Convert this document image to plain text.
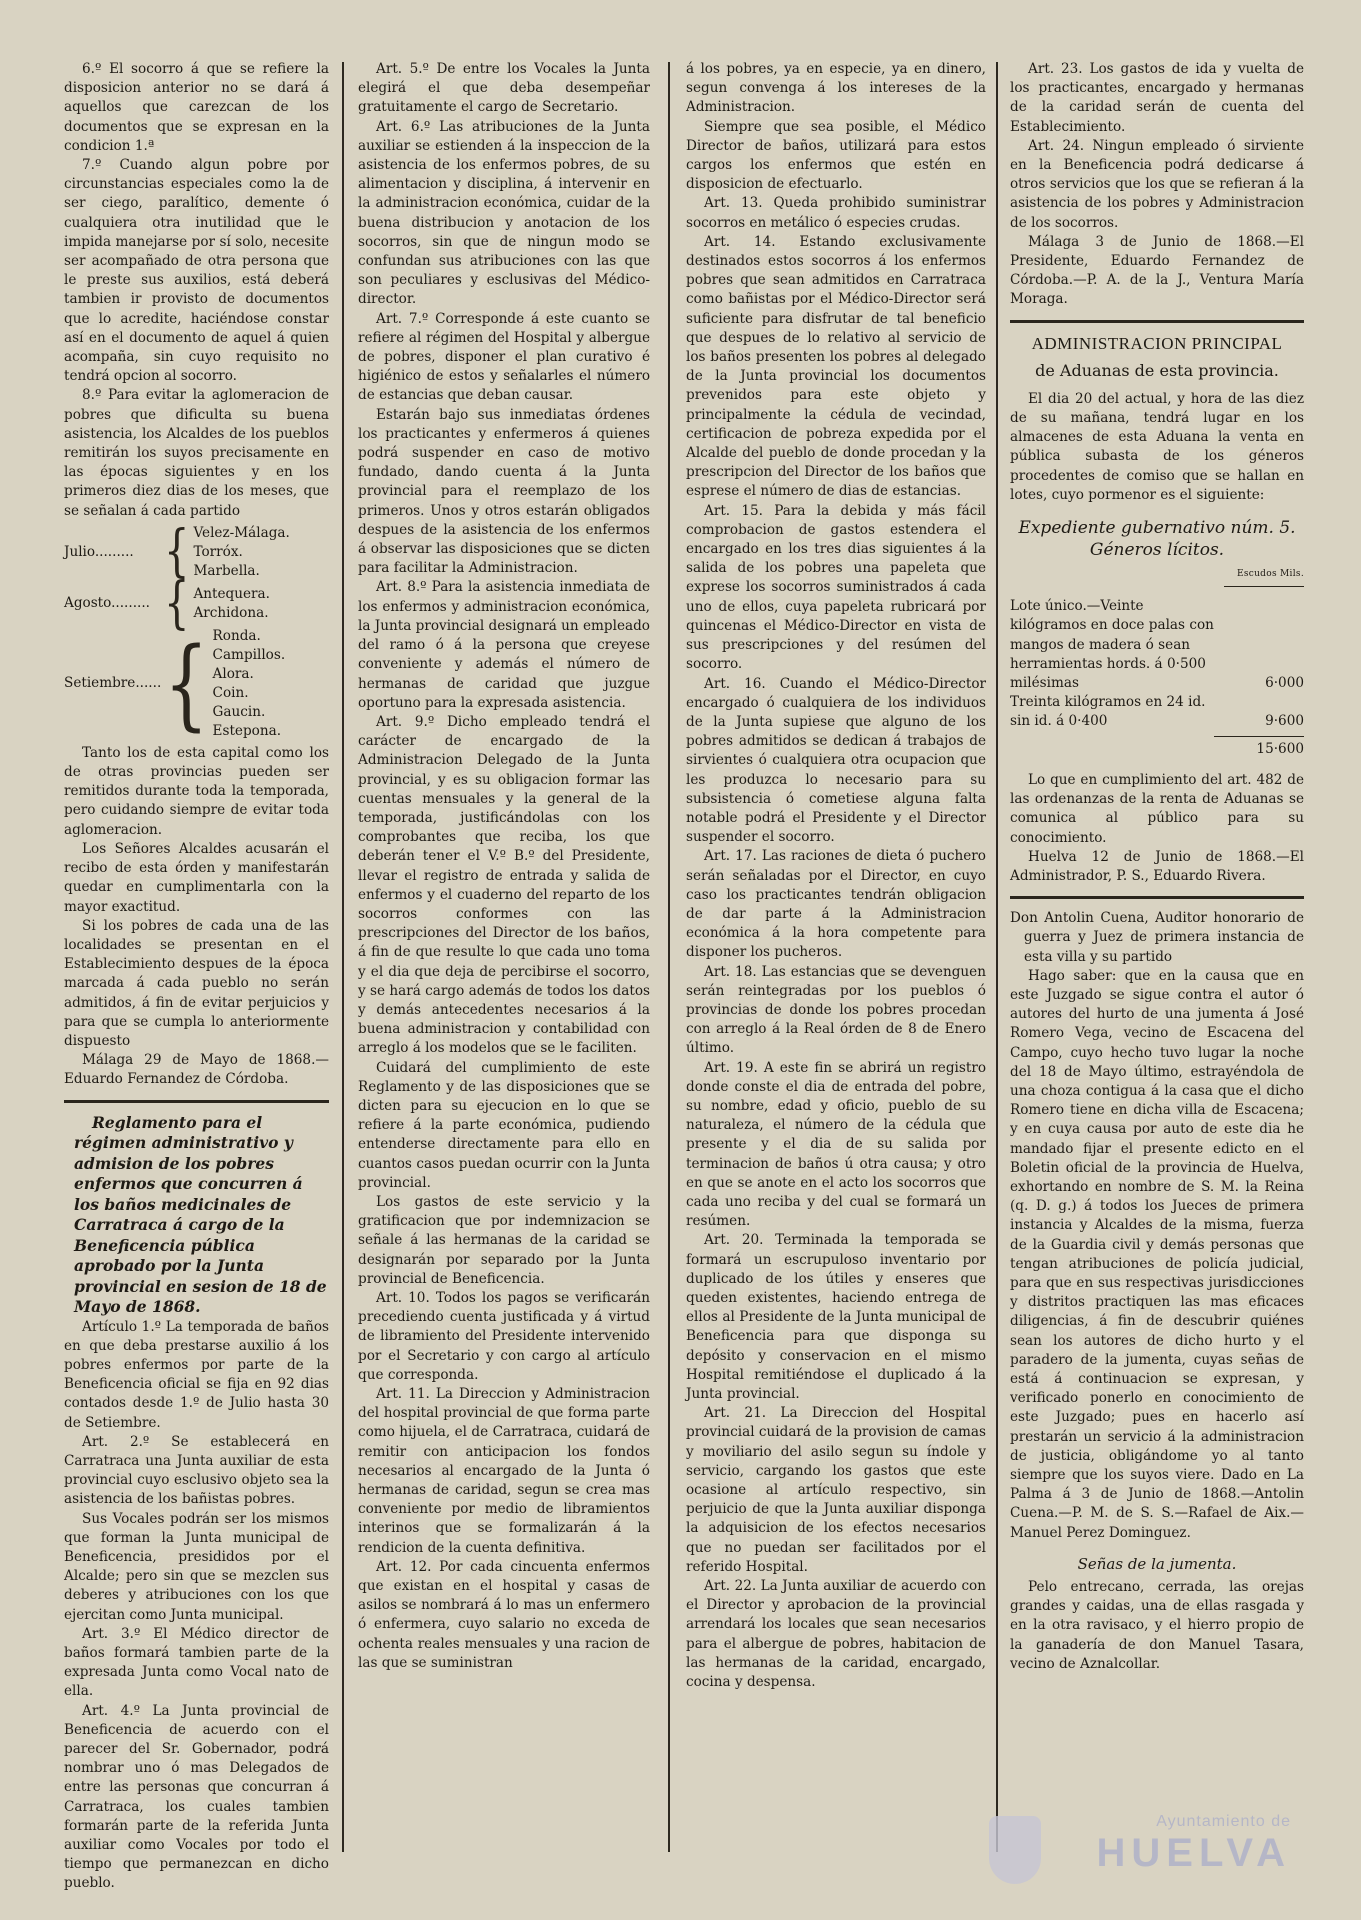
6.º El socorro á que se refiere la disposicion anterior no se dará á aquellos que carezcan de los documentos que se expresan en la condicion 1.ª

7.º Cuando algun pobre por circunstancias especiales como la de ser ciego, paralítico, demente ó cualquiera otra inutilidad que le impida manejarse por sí solo, necesite ser acompañado de otra persona que le preste sus auxilios, está deberá tambien ir provisto de documentos que lo acredite, haciéndose constar así en el documento de aquel á quien acompaña, sin cuyo requisito no tendrá opcion al socorro.

8.º Para evitar la aglomeracion de pobres que dificulta su buena asistencia, los Alcaldes de los pueblos remitirán los suyos precisamente en las épocas siguientes y en los primeros diez dias de los meses, que se señalan á cada partido

Julio......... { Velez-Málaga.
Torróx.
Marbella.
Agosto......... { Antequera.
Archidona.
Setiembre...... { Ronda.
Campillos.
Alora.
Coin.
Gaucin.
Estepona.

Tanto los de esta capital como los de otras provincias pueden ser remitidos durante toda la temporada, pero cuidando siempre de evitar toda aglomeracion.

Los Señores Alcaldes acusarán el recibo de esta órden y manifestarán quedar en cumplimentarla con la mayor exactitud.

Si los pobres de cada una de las localidades se presentan en el Establecimiento despues de la época marcada á cada pueblo no serán admitidos, á fin de evitar perjuicios y para que se cumpla lo anteriormente dispuesto

Málaga 29 de Mayo de 1868.— Eduardo Fernandez de Córdoba.

Reglamento para el régimen administrativo y admision de los pobres enfermos que concurren á los baños medicinales de Carratraca á cargo de la Beneficencia pública aprobado por la Junta provincial en sesion de 18 de Mayo de 1868.

Artículo 1.º La temporada de baños en que deba prestarse auxilio á los pobres enfermos por parte de la Beneficencia oficial se fija en 92 dias contados desde 1.º de Julio hasta 30 de Setiembre.

Art. 2.º Se establecerá en Carratraca una Junta auxiliar de esta provincial cuyo esclusivo objeto sea la asistencia de los bañistas pobres.

Sus Vocales podrán ser los mismos que forman la Junta municipal de Beneficencia, presididos por el Alcalde; pero sin que se mezclen sus deberes y atribuciones con los que ejercitan como Junta municipal.

Art. 3.º El Médico director de baños formará tambien parte de la expresada Junta como Vocal nato de ella.

Art. 4.º La Junta provincial de Beneficencia de acuerdo con el parecer del Sr. Gobernador, podrá nombrar uno ó mas Delegados de entre las personas que concurran á Carratraca, los cuales tambien formarán parte de la referida Junta auxiliar como Vocales por todo el tiempo que permanezcan en dicho pueblo.

Art. 5.º De entre los Vocales la Junta elegirá el que deba desempeñar gratuitamente el cargo de Secretario.

Art. 6.º Las atribuciones de la Junta auxiliar se estienden á la inspeccion de la asistencia de los enfermos pobres, de su alimentacion y disciplina, á intervenir en la administracion económica, cuidar de la buena distribucion y anotacion de los socorros, sin que de ningun modo se confundan sus atribuciones con las que son peculiares y esclusivas del Médico-director.

Art. 7.º Corresponde á este cuanto se refiere al régimen del Hospital y albergue de pobres, disponer el plan curativo é higiénico de estos y señalarles el número de estancias que deban causar.

Estarán bajo sus inmediatas órdenes los practicantes y enfermeros á quienes podrá suspender en caso de motivo fundado, dando cuenta á la Junta provincial para el reemplazo de los primeros. Unos y otros estarán obligados despues de la asistencia de los enfermos á observar las disposiciones que se dicten para facilitar la Administracion.

Art. 8.º Para la asistencia inmediata de los enfermos y administracion económica, la Junta provincial designará un empleado del ramo ó á la persona que creyese conveniente y además el número de hermanas de caridad que juzgue oportuno para la expresada asistencia.

Art. 9.º Dicho empleado tendrá el carácter de encargado de la Administracion Delegado de la Junta provincial, y es su obligacion formar las cuentas mensuales y la general de la temporada, justificándolas con los comprobantes que reciba, los que deberán tener el V.º B.º del Presidente, llevar el registro de entrada y salida de enfermos y el cuaderno del reparto de los socorros conformes con las prescripciones del Director de los baños, á fin de que resulte lo que cada uno toma y el dia que deja de percibirse el socorro, y se hará cargo además de todos los datos y demás antecedentes necesarios á la buena administracion y contabilidad con arreglo á los modelos que se le faciliten.

Cuidará del cumplimiento de este Reglamento y de las disposiciones que se dicten para su ejecucion en lo que se refiere á la parte económica, pudiendo entenderse directamente para ello en cuantos casos puedan ocurrir con la Junta provincial.

Los gastos de este servicio y la gratificacion que por indemnizacion se señale á las hermanas de la caridad se designarán por separado por la Junta provincial de Beneficencia.

Art. 10. Todos los pagos se verificarán precediendo cuenta justificada y á virtud de libramiento del Presidente intervenido por el Secretario y con cargo al artículo que corresponda.

Art. 11. La Direccion y Administracion del hospital provincial de que forma parte como hijuela, el de Carratraca, cuidará de remitir con anticipacion los fondos necesarios al encargado de la Junta ó hermanas de caridad, segun se crea mas conveniente por medio de libramientos interinos que se formalizarán á la rendicion de la cuenta definitiva.

Art. 12. Por cada cincuenta enfermos que existan en el hospital y casas de asilos se nombrará á lo mas un enfermero ó enfermera, cuyo salario no exceda de ochenta reales mensuales y una racion de las que se suministran

á los pobres, ya en especie, ya en dinero, segun convenga á los intereses de la Administracion.

Siempre que sea posible, el Médico Director de baños, utilizará para estos cargos los enfermos que estén en disposicion de efectuarlo.

Art. 13. Queda prohibido suministrar socorros en metálico ó especies crudas.

Art. 14. Estando exclusivamente destinados estos socorros á los enfermos pobres que sean admitidos en Carratraca como bañistas por el Médico-Director será suficiente para disfrutar de tal beneficio que despues de lo relativo al servicio de los baños presenten los pobres al delegado de la Junta provincial los documentos prevenidos para este objeto y principalmente la cédula de vecindad, certificacion de pobreza expedida por el Alcalde del pueblo de donde procedan y la prescripcion del Director de los baños que esprese el número de dias de estancias.

Art. 15. Para la debida y más fácil comprobacion de gastos estendera el encargado en los tres dias siguientes á la salida de los pobres una papeleta que exprese los socorros suministrados á cada uno de ellos, cuya papeleta rubricará por quincenas el Médico-Director en vista de sus prescripciones y del resúmen del socorro.

Art. 16. Cuando el Médico-Director encargado ó cualquiera de los individuos de la Junta supiese que alguno de los pobres admitidos se dedican á trabajos de sirvientes ó cualquiera otra ocupacion que les produzca lo necesario para su subsistencia ó cometiese alguna falta notable podrá el Presidente y el Director suspender el socorro.

Art. 17. Las raciones de dieta ó puchero serán señaladas por el Director, en cuyo caso los practicantes tendrán obligacion de dar parte á la Administracion económica á la hora competente para disponer los pucheros.

Art. 18. Las estancias que se devenguen serán reintegradas por los pueblos ó provincias de donde los pobres procedan con arreglo á la Real órden de 8 de Enero último.

Art. 19. A este fin se abrirá un registro donde conste el dia de entrada del pobre, su nombre, edad y oficio, pueblo de su naturaleza, el número de la cédula que presente y el dia de su salida por terminacion de baños ú otra causa; y otro en que se anote en el acto los socorros que cada uno reciba y del cual se formará un resúmen.

Art. 20. Terminada la temporada se formará un escrupuloso inventario por duplicado de los útiles y enseres que queden existentes, haciendo entrega de ellos al Presidente de la Junta municipal de Beneficencia para que disponga su depósito y conservacion en el mismo Hospital remitiéndose el duplicado á la Junta provincial.

Art. 21. La Direccion del Hospital provincial cuidará de la provision de camas y moviliario del asilo segun su índole y servicio, cargando los gastos que este ocasione al artículo respectivo, sin perjuicio de que la Junta auxiliar disponga la adquisicion de los efectos necesarios que no puedan ser facilitados por el referido Hospital.

Art. 22. La Junta auxiliar de acuerdo con el Director y aprobacion de la provincial arrendará los locales que sean necesarios para el albergue de pobres, habitacion de las hermanas de la caridad, encargado, cocina y despensa.

Art. 23. Los gastos de ida y vuelta de los practicantes, encargado y hermanas de la caridad serán de cuenta del Establecimiento.

Art. 24. Ningun empleado ó sirviente en la Beneficencia podrá dedicarse á otros servicios que los que se refieran á la asistencia de los pobres y Administracion de los socorros.

Málaga 3 de Junio de 1868.—El Presidente, Eduardo Fernandez de Córdoba.—P. A. de la J., Ventura María Moraga.

ADMINISTRACION PRINCIPAL
de Aduanas de esta provincia.

El dia 20 del actual, y hora de las diez de su mañana, tendrá lugar en los almacenes de esta Aduana la venta en pública subasta de los géneros procedentes de comiso que se hallan en lotes, cuyo pormenor es el siguiente:

Expediente gubernativo núm. 5.
Géneros lícitos.
Escudos Mils.
Lote único.—Veinte kilógramos en doce palas con mangos de madera ó sean herramientas hords. á 0·500 milésimas	6·000
Treinta kilógramos en 24 id. sin id. á 0·400	9·600
15·600

Lo que en cumplimiento del art. 482 de las ordenanzas de la renta de Aduanas se comunica al público para su conocimiento.

Huelva 12 de Junio de 1868.—El Administrador, P. S., Eduardo Rivera.

Don Antolin Cuena, Auditor honorario de guerra y Juez de primera instancia de esta villa y su partido

Hago saber: que en la causa que en este Juzgado se sigue contra el autor ó autores del hurto de una jumenta á José Romero Vega, vecino de Escacena del Campo, cuyo hecho tuvo lugar la noche del 18 de Mayo último, estrayéndola de una choza contigua á la casa que el dicho Romero tiene en dicha villa de Escacena; y en cuya causa por auto de este dia he mandado fijar el presente edicto en el Boletin oficial de la provincia de Huelva, exhortando en nombre de S. M. la Reina (q. D. g.) á todos los Jueces de primera instancia y Alcaldes de la misma, fuerza de la Guardia civil y demás personas que tengan atribuciones de policía judicial, para que en sus respectivas jurisdicciones y distritos practiquen las mas eficaces diligencias, á fin de descubrir quiénes sean los autores de dicho hurto y el paradero de la jumenta, cuyas señas de está á continuacion se expresan, y verificado ponerlo en conocimiento de este Juzgado; pues en hacerlo así prestarán un servicio á la administracion de justicia, obligándome yo al tanto siempre que los suyos viere. Dado en La Palma á 3 de Junio de 1868.—Antolin Cuena.—P. M. de S. S.—Rafael de Aix.—Manuel Perez Dominguez.

Señas de la jumenta.

Pelo entrecano, cerrada, las orejas grandes y caidas, una de ellas rasgada y en la otra ravisaco, y el hierro propio de la ganadería de don Manuel Tasara, vecino de Aznalcollar.

Ayuntamiento de
HUELVA
